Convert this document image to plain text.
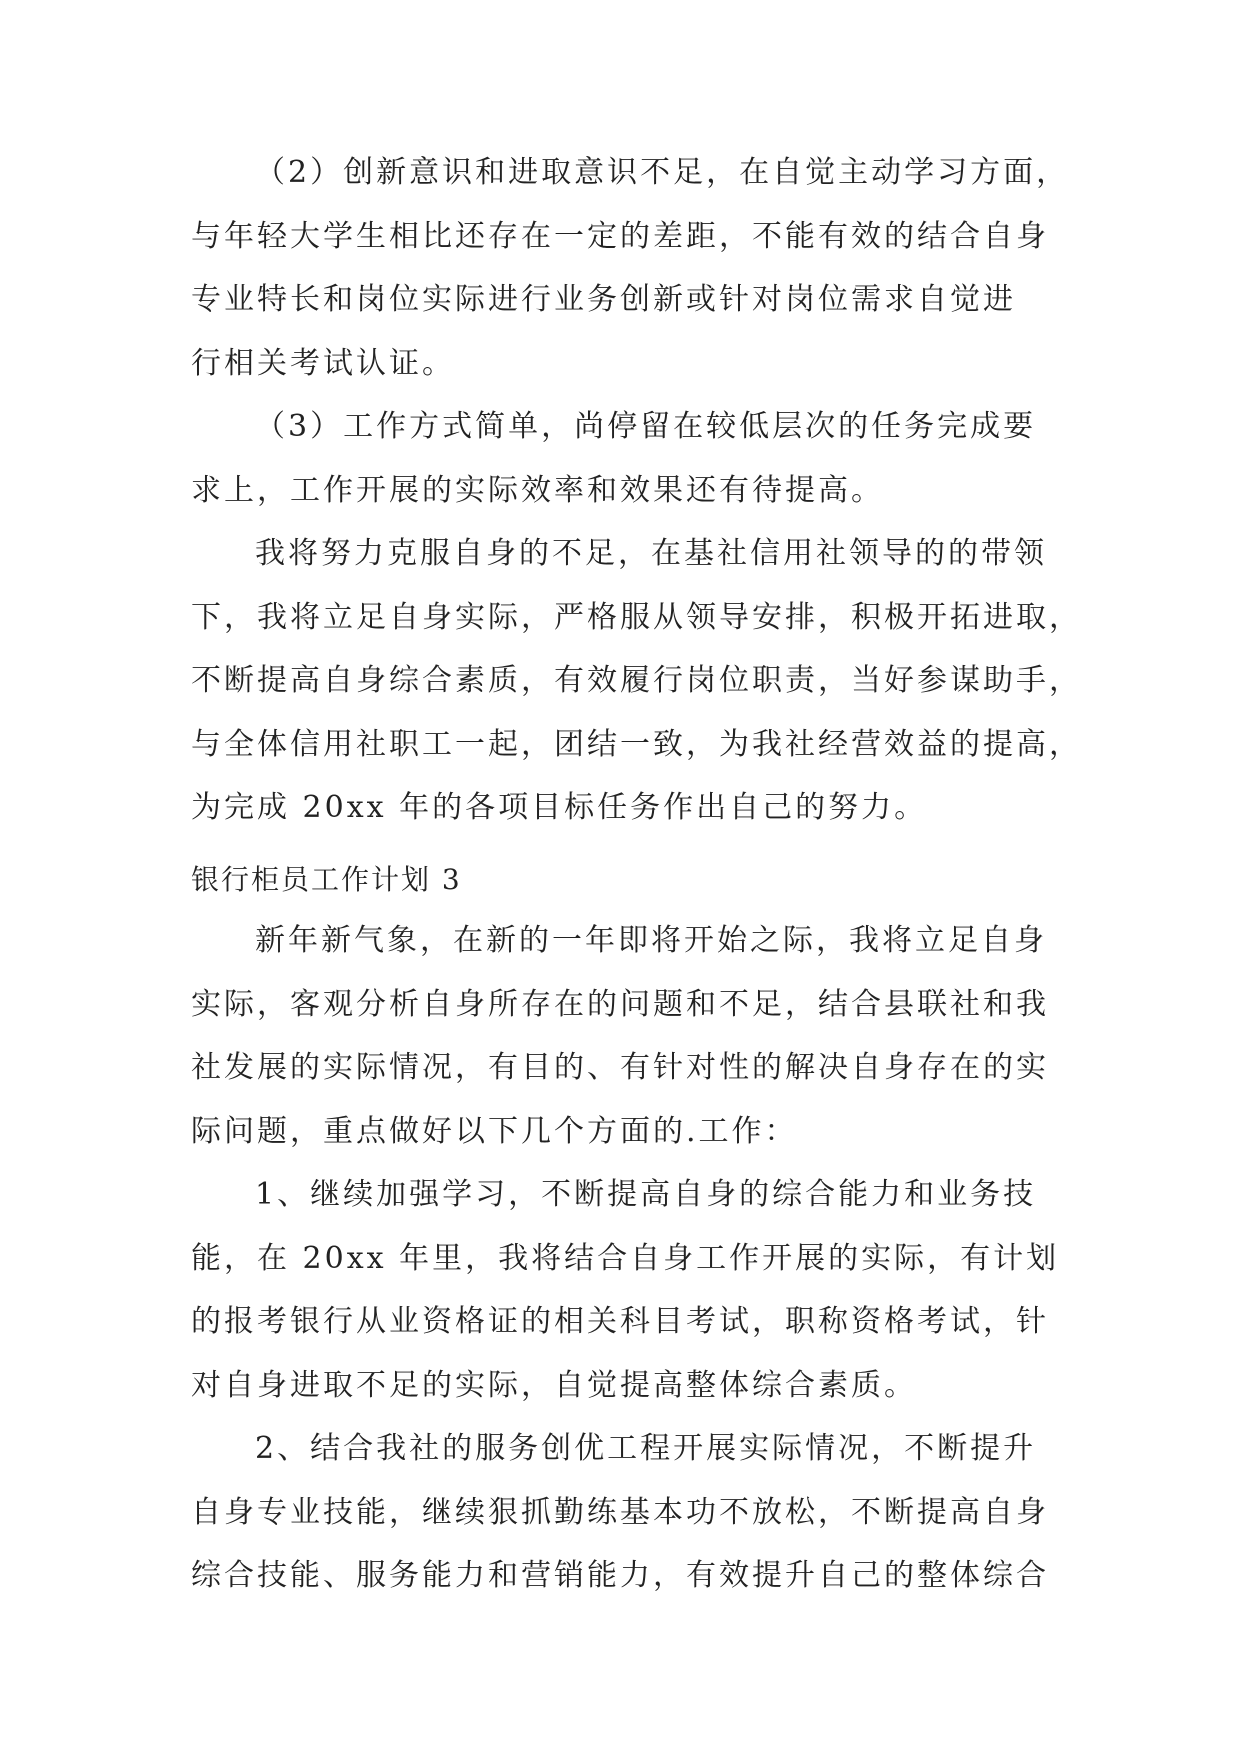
（2）创新意识和进取意识不足，在自觉主动学习方面，
与年轻大学生相比还存在一定的差距，不能有效的结合自身
专业特长和岗位实际进行业务创新或针对岗位需求自觉进
行相关考试认证。
（3）工作方式简单，尚停留在较低层次的任务完成要
求上，工作开展的实际效率和效果还有待提高。
我将努力克服自身的不足，在基社信用社领导的的带领
下，我将立足自身实际，严格服从领导安排，积极开拓进取，
不断提高自身综合素质，有效履行岗位职责，当好参谋助手，
与全体信用社职工一起，团结一致，为我社经营效益的提高，
为完成 20xx 年的各项目标任务作出自己的努力。
银行柜员工作计划 3
新年新气象，在新的一年即将开始之际，我将立足自身
实际，客观分析自身所存在的问题和不足，结合县联社和我
社发展的实际情况，有目的、有针对性的解决自身存在的实
际问题，重点做好以下几个方面的.工作：
1、继续加强学习，不断提高自身的综合能力和业务技
能，在 20xx 年里，我将结合自身工作开展的实际，有计划
的报考银行从业资格证的相关科目考试，职称资格考试，针
对自身进取不足的实际，自觉提高整体综合素质。
2、结合我社的服务创优工程开展实际情况，不断提升
自身专业技能，继续狠抓勤练基本功不放松，不断提高自身
综合技能、服务能力和营销能力，有效提升自己的整体综合
